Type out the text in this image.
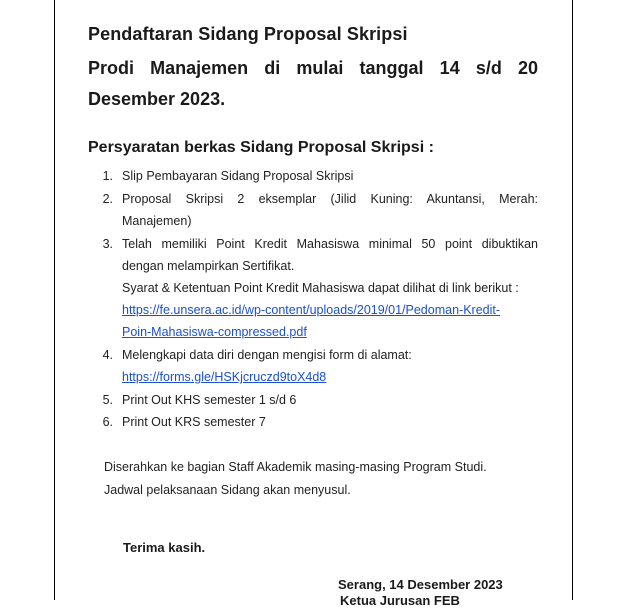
Pendaftaran Sidang Proposal Skripsi
Prodi Manajemen di mulai tanggal 14 s/d 20
Desember 2023.
Persyaratan berkas Sidang Proposal Skripsi :
1. Slip Pembayaran Sidang Proposal Skripsi
2. Proposal Skripsi 2 eksemplar (Jilid Kuning: Akuntansi, Merah:
Manajemen)
3. Telah memiliki Point Kredit Mahasiswa minimal 50 point dibuktikan
dengan melampirkan Sertifikat.
Syarat & Ketentuan Point Kredit Mahasiswa dapat dilihat di link berikut :
https://fe.unsera.ac.id/wp-content/uploads/2019/01/Pedoman-Kredit-
Poin-Mahasiswa-compressed.pdf
4. Melengkapi data diri dengan mengisi form di alamat:
https://forms.gle/HSKjcruczd9toX4d8
5. Print Out KHS semester 1 s/d 6
6. Print Out KRS semester 7
Diserahkan ke bagian Staff Akademik masing-masing Program Studi.
Jadwal pelaksanaan Sidang akan menyusul.
Terima kasih.
Serang, 14 Desember 2023
Ketua Jurusan FEB
